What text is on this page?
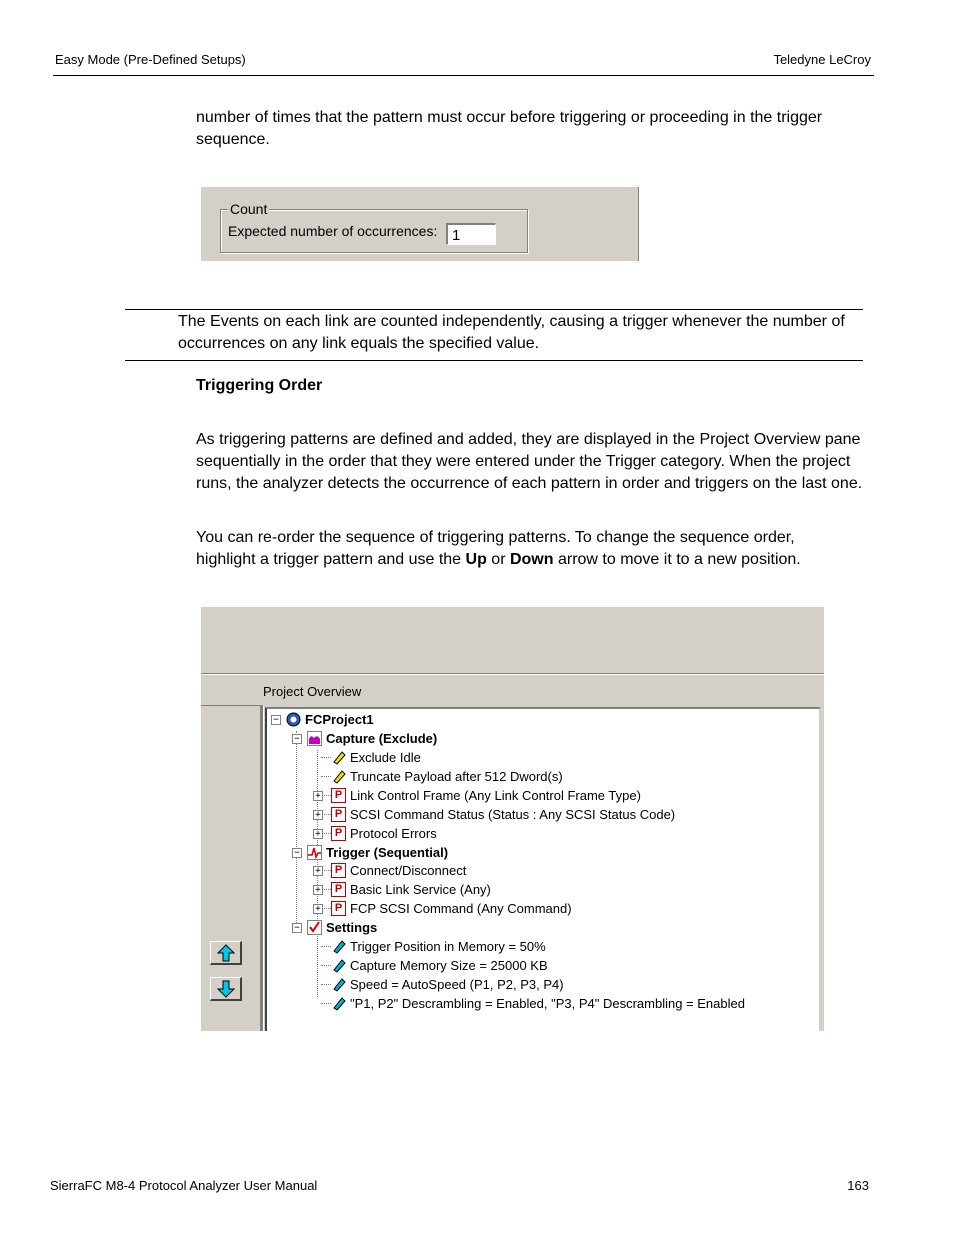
Easy Mode (Pre-Defined Setups)	Teledyne LeCroy
number of times that the pattern must occur before triggering or proceeding in the trigger sequence.
Count
Expected number of occurrences: 1
The Events on each link are counted independently, causing a trigger whenever the number of occurrences on any link equals the specified value.
Triggering Order
As triggering patterns are defined and added, they are displayed in the Project Overview pane sequentially in the order that they were entered under the Trigger category. When the project runs, the analyzer detects the occurrence of each pattern in order and triggers on the last one.
You can re-order the sequence of triggering patterns. To change the sequence order, highlight a trigger pattern and use the Up or Down arrow to move it to a new position.
Project Overview
− FCProject1
− Capture (Exclude)
Exclude Idle
Truncate Payload after 512 Dword(s)
+	P Link Control Frame (Any Link Control Frame Type)
+	P SCSI Command Status (Status : Any SCSI Status Code)
+	P Protocol Errors
− Trigger (Sequential)
+	P Connect/Disconnect
+	P Basic Link Service (Any)
+	P FCP SCSI Command (Any Command)
− Settings
Trigger Position in Memory = 50%
Capture Memory Size = 25000 KB
Speed = AutoSpeed (P1, P2, P3, P4)
"P1, P2" Descrambling = Enabled, "P3, P4" Descrambling = Enabled
SierraFC M8-4 Protocol Analyzer User Manual	163
